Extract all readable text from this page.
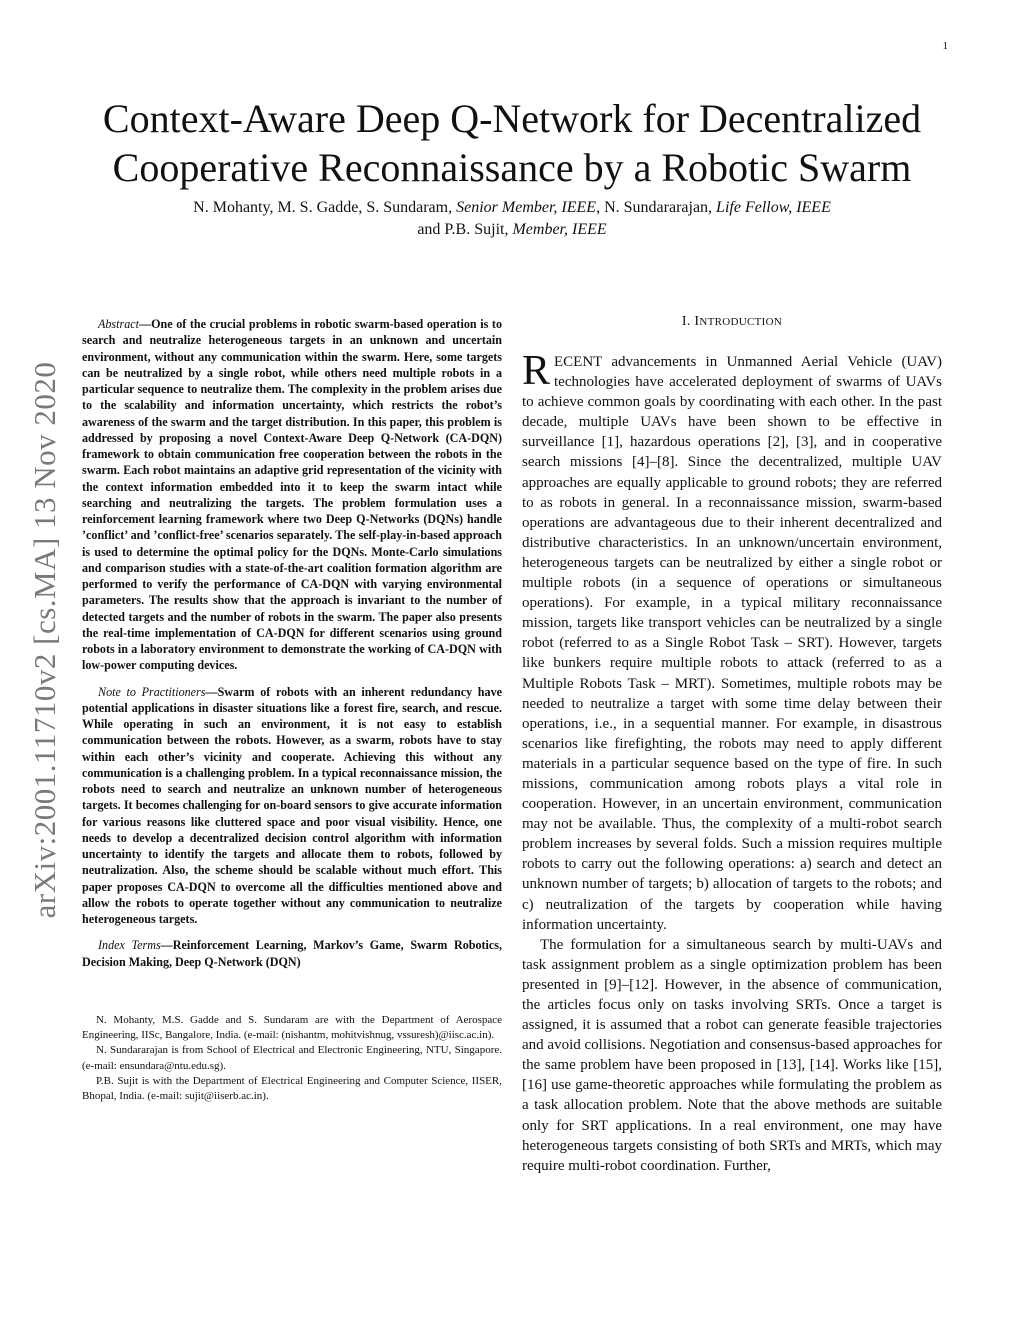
1
arXiv:2001.11710v2 [cs.MA] 13 Nov 2020
Context-Aware Deep Q-Network for Decentralized
Cooperative Reconnaissance by a Robotic Swarm
N. Mohanty, M. S. Gadde, S. Sundaram, Senior Member, IEEE, N. Sundararajan, Life Fellow, IEEE
and P.B. Sujit, Member, IEEE

Abstract—One of the crucial problems in robotic swarm-based operation is to search and neutralize heterogeneous targets in an unknown and uncertain environment, without any communication within the swarm. Here, some targets can be neutralized by a single robot, while others need multiple robots in a particular sequence to neutralize them. The complexity in the problem arises due to the scalability and information uncertainty, which restricts the robot’s awareness of the swarm and the target distribution. In this paper, this problem is addressed by proposing a novel Context-Aware Deep Q-Network (CA-DQN) framework to obtain communication free cooperation between the robots in the swarm. Each robot maintains an adaptive grid representation of the vicinity with the context information embedded into it to keep the swarm intact while searching and neutralizing the targets. The problem formulation uses a reinforcement learning framework where two Deep Q-Networks (DQNs) handle ’conflict’ and ’conflict-free’ scenarios separately. The self-play-in-based approach is used to determine the optimal policy for the DQNs. Monte-Carlo simulations and comparison studies with a state-of-the-art coalition formation algorithm are performed to verify the performance of CA-DQN with varying environmental parameters. The results show that the approach is invariant to the number of detected targets and the number of robots in the swarm. The paper also presents the real-time implementation of CA-DQN for different scenarios using ground robots in a laboratory environment to demonstrate the working of CA-DQN with low-power computing devices.

Note to Practitioners—Swarm of robots with an inherent redundancy have potential applications in disaster situations like a forest fire, search, and rescue. While operating in such an environment, it is not easy to establish communication between the robots. However, as a swarm, robots have to stay within each other’s vicinity and cooperate. Achieving this without any communication is a challenging problem. In a typical reconnaissance mission, the robots need to search and neutralize an unknown number of heterogeneous targets. It becomes challenging for on-board sensors to give accurate information for various reasons like cluttered space and poor visual visibility. Hence, one needs to develop a decentralized decision control algorithm with information uncertainty to identify the targets and allocate them to robots, followed by neutralization. Also, the scheme should be scalable without much effort. This paper proposes CA-DQN to overcome all the difficulties mentioned above and allow the robots to operate together without any communication to neutralize heterogeneous targets.

Index Terms—Reinforcement Learning, Markov’s Game, Swarm Robotics, Decision Making, Deep Q-Network (DQN)

N. Mohanty, M.S. Gadde and S. Sundaram are with the Department of Aerospace Engineering, IISc, Bangalore, India. (e-mail: (nishantm, mohitvishnug, vssuresh)@iisc.ac.in).

N. Sundararajan is from School of Electrical and Electronic Engineering, NTU, Singapore. (e-mail: ensundara@ntu.edu.sg).

P.B. Sujit is with the Department of Electrical Engineering and Computer Science, IISER, Bhopal, India. (e-mail: sujit@iiserb.ac.in).

I. INTRODUCTION

RECENT advancements in Unmanned Aerial Vehicle (UAV) technologies have accelerated deployment of swarms of UAVs to achieve common goals by coordinating with each other. In the past decade, multiple UAVs have been shown to be effective in surveillance [1], hazardous operations [2], [3], and in cooperative search missions [4]–[8]. Since the decentralized, multiple UAV approaches are equally applicable to ground robots; they are referred to as robots in general. In a reconnaissance mission, swarm-based operations are advantageous due to their inherent decentralized and distributive characteristics. In an unknown/uncertain environment, heterogeneous targets can be neutralized by either a single robot or multiple robots (in a sequence of operations or simultaneous operations). For example, in a typical military reconnaissance mission, targets like transport vehicles can be neutralized by a single robot (referred to as a Single Robot Task – SRT). However, targets like bunkers require multiple robots to attack (referred to as a Multiple Robots Task – MRT). Sometimes, multiple robots may be needed to neutralize a target with some time delay between their operations, i.e., in a sequential manner. For example, in disastrous scenarios like firefighting, the robots may need to apply different materials in a particular sequence based on the type of fire. In such missions, communication among robots plays a vital role in cooperation. However, in an uncertain environment, communication may not be available. Thus, the complexity of a multi-robot search problem increases by several folds. Such a mission requires multiple robots to carry out the following operations: a) search and detect an unknown number of targets; b) allocation of targets to the robots; and c) neutralization of the targets by cooperation while having information uncertainty.

The formulation for a simultaneous search by multi-UAVs and task assignment problem as a single optimization problem has been presented in [9]–[12]. However, in the absence of communication, the articles focus only on tasks involving SRTs. Once a target is assigned, it is assumed that a robot can generate feasible trajectories and avoid collisions. Negotiation and consensus-based approaches for the same problem have been proposed in [13], [14]. Works like [15], [16] use game-theoretic approaches while formulating the problem as a task allocation problem. Note that the above methods are suitable only for SRT applications. In a real environment, one may have heterogeneous targets consisting of both SRTs and MRTs, which may require multi-robot coordination. Further,
